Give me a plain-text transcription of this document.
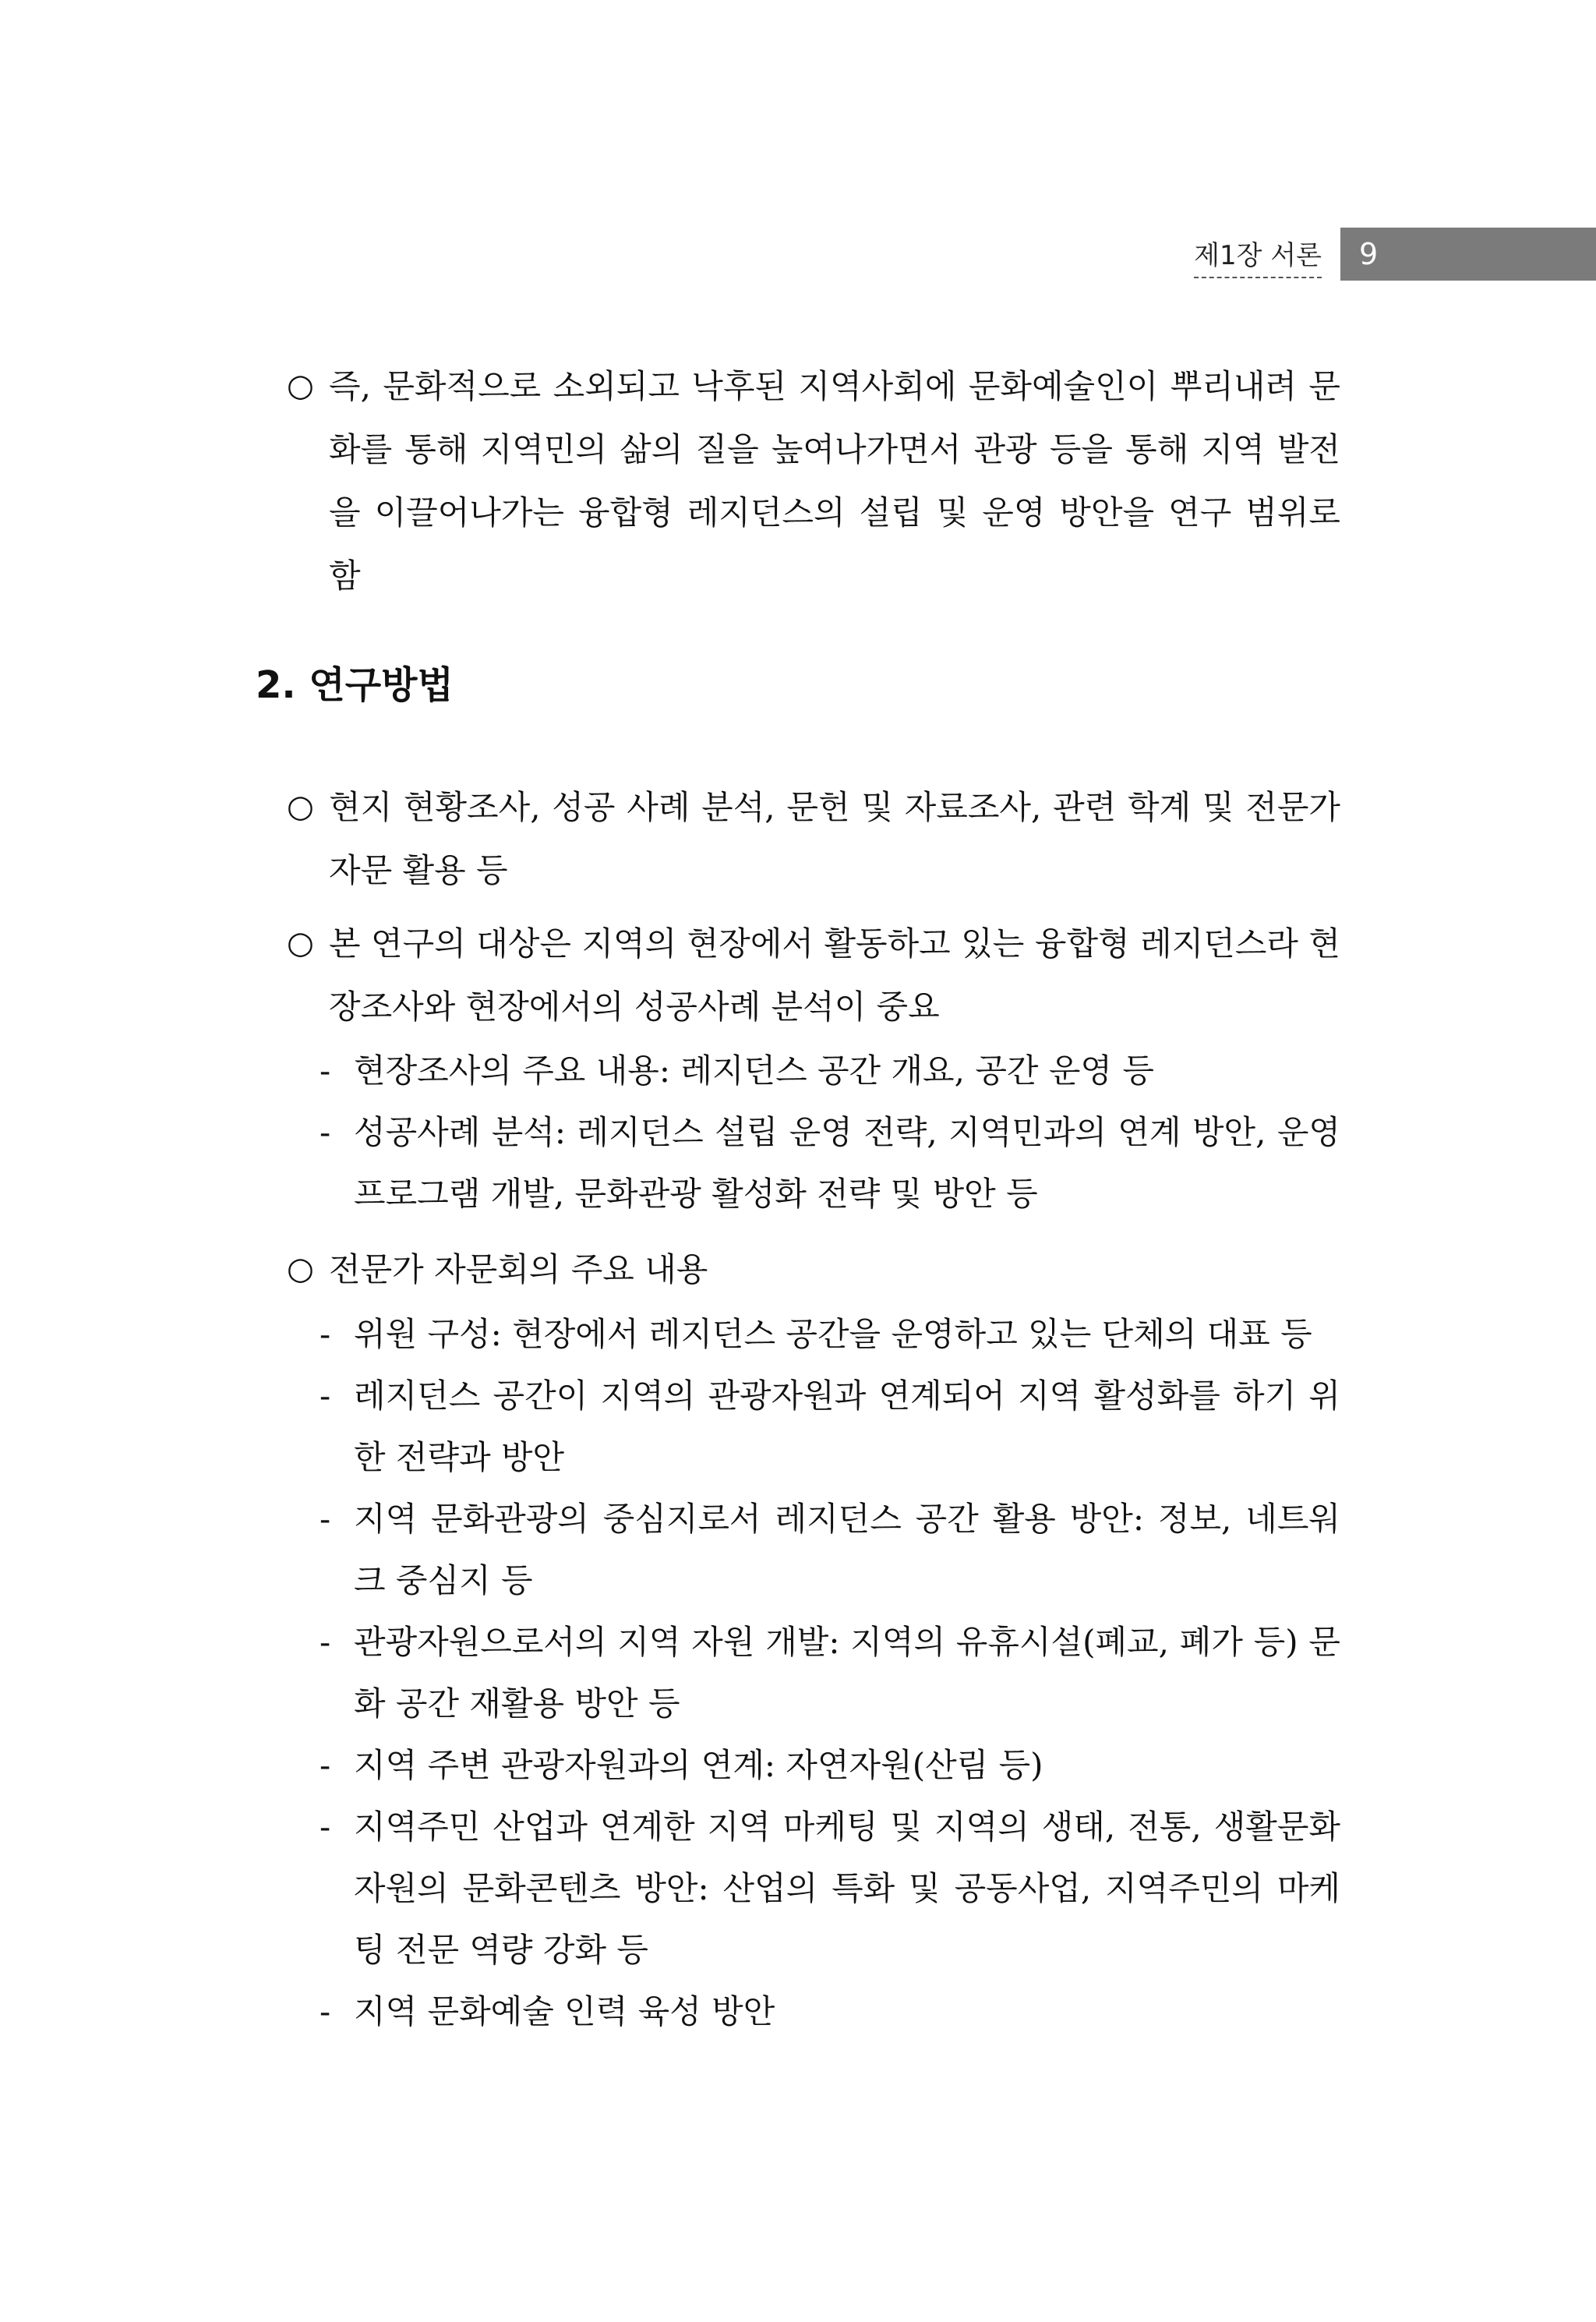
제1장 서론	9
○ 즉, 문화적으로 소외되고 낙후된 지역사회에 문화예술인이 뿌리내려 문화를 통해 지역민의 삶의 질을 높여나가면서 관광 등을 통해 지역 발전을 이끌어나가는 융합형 레지던스의 설립 및 운영 방안을 연구 범위로 함
2. 연구방법
○ 현지 현황조사, 성공 사례 분석, 문헌 및 자료조사, 관련 학계 및 전문가 자문 활용 등
○ 본 연구의 대상은 지역의 현장에서 활동하고 있는 융합형 레지던스라 현장조사와 현장에서의 성공사례 분석이 중요
- 현장조사의 주요 내용: 레지던스 공간 개요, 공간 운영 등
- 성공사례 분석: 레지던스 설립 운영 전략, 지역민과의 연계 방안, 운영 프로그램 개발, 문화관광 활성화 전략 및 방안 등
○ 전문가 자문회의 주요 내용
- 위원 구성: 현장에서 레지던스 공간을 운영하고 있는 단체의 대표 등
- 레지던스 공간이 지역의 관광자원과 연계되어 지역 활성화를 하기 위한 전략과 방안
- 지역 문화관광의 중심지로서 레지던스 공간 활용 방안: 정보, 네트워크 중심지 등
- 관광자원으로서의 지역 자원 개발: 지역의 유휴시설(폐교, 폐가 등) 문화 공간 재활용 방안 등
- 지역 주변 관광자원과의 연계: 자연자원(산림 등)
- 지역주민 산업과 연계한 지역 마케팅 및 지역의 생태, 전통, 생활문화 자원의 문화콘텐츠 방안: 산업의 특화 및 공동사업, 지역주민의 마케팅 전문 역량 강화 등
- 지역 문화예술 인력 육성 방안
